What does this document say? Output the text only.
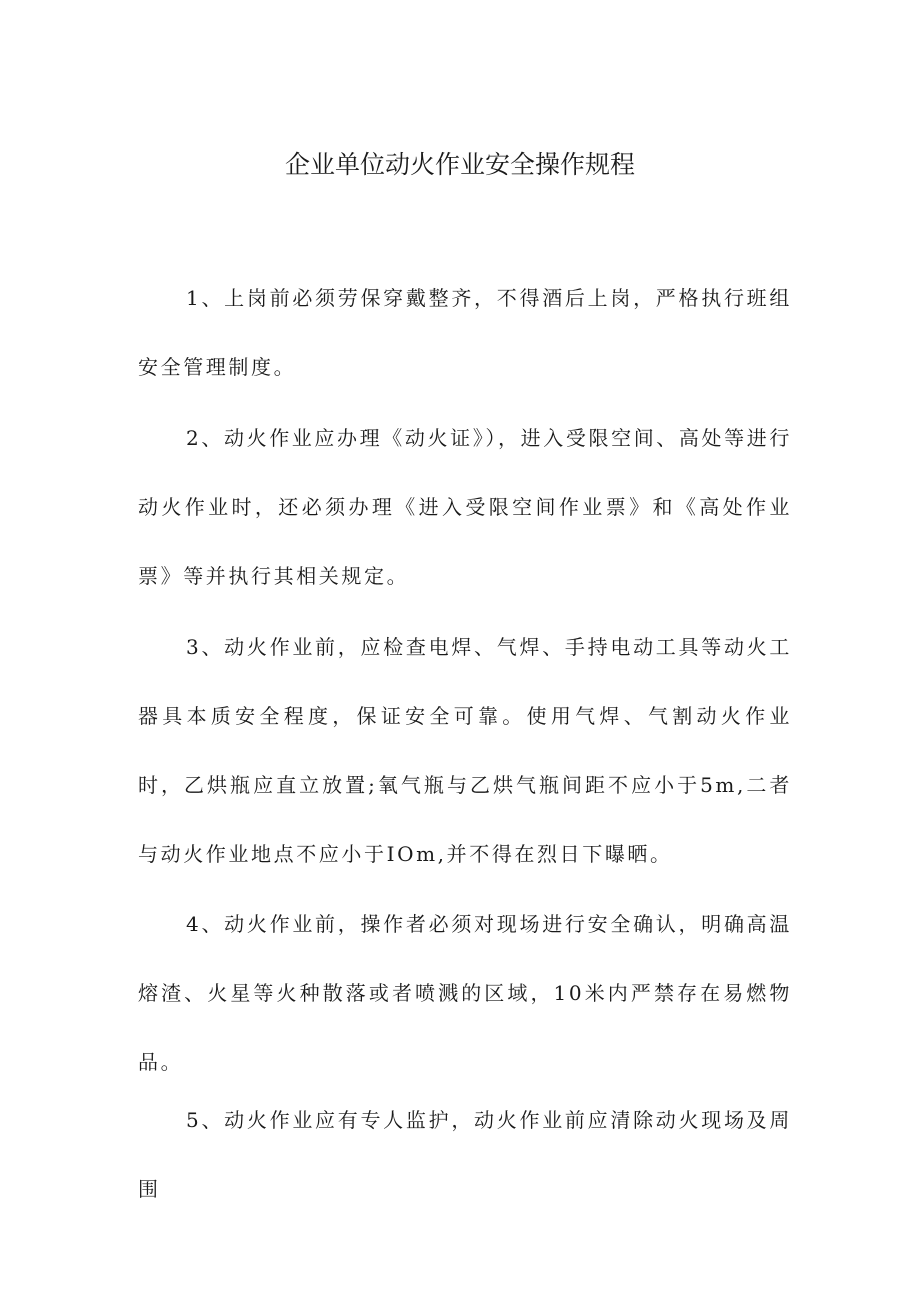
企业单位动火作业安全操作规程

1、上岗前必须劳保穿戴整齐，不得酒后上岗，严格执行班组安全管理制度。

2、动火作业应办理《动火证》），进入受限空间、高处等进行动火作业时，还必须办理《进入受限空间作业票》和《高处作业票》等并执行其相关规定。

3、动火作业前，应检查电焊、气焊、手持电动工具等动火工器具本质安全程度，保证安全可靠。使用气焊、气割动火作业时，乙烘瓶应直立放置;氧气瓶与乙烘气瓶间距不应小于5m,二者与动火作业地点不应小于IOm,并不得在烈日下曝晒。

4、动火作业前，操作者必须对现场进行安全确认，明确高温熔渣、火星等火种散落或者喷溅的区域，10米内严禁存在易燃物品。

5、动火作业应有专人监护，动火作业前应清除动火现场及周围
